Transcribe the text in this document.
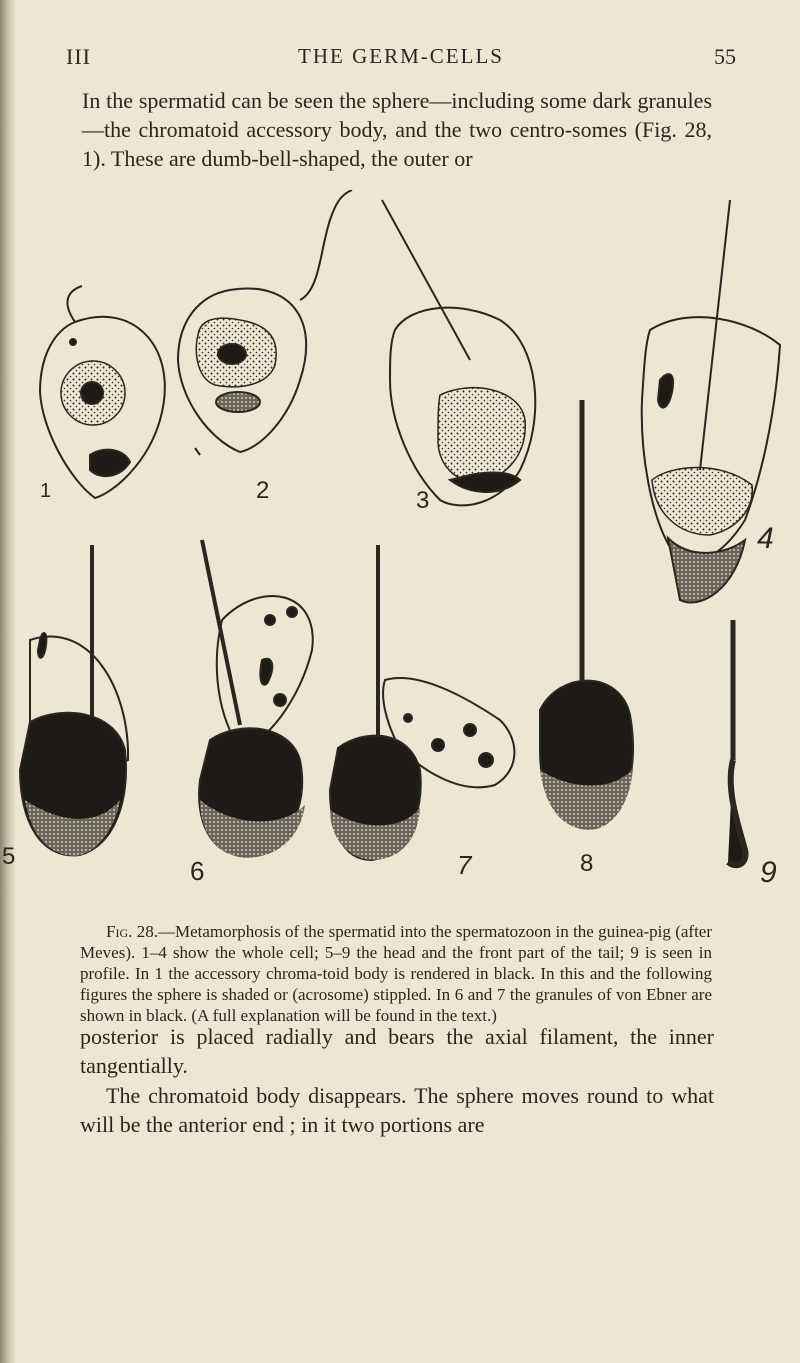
III	THE GERM-CELLS	55
In the spermatid can be seen the sphere—including some dark granules—the chromatoid accessory body, and the two centro-somes (Fig. 28, 1). These are dumb-bell-shaped, the outer or
1	2	3
4
5	6	7	8	9
Fig. 28.—Metamorphosis of the spermatid into the spermatozoon in the guinea-pig (after Meves). 1–4 show the whole cell; 5–9 the head and the front part of the tail; 9 is seen in profile. In 1 the accessory chroma-toid body is rendered in black. In this and the following figures the sphere is shaded or (acrosome) stippled. In 6 and 7 the granules of von Ebner are shown in black. (A full explanation will be found in the text.)
posterior is placed radially and bears the axial filament, the inner tangentially.
The chromatoid body disappears. The sphere moves round to what will be the anterior end ; in it two portions are
